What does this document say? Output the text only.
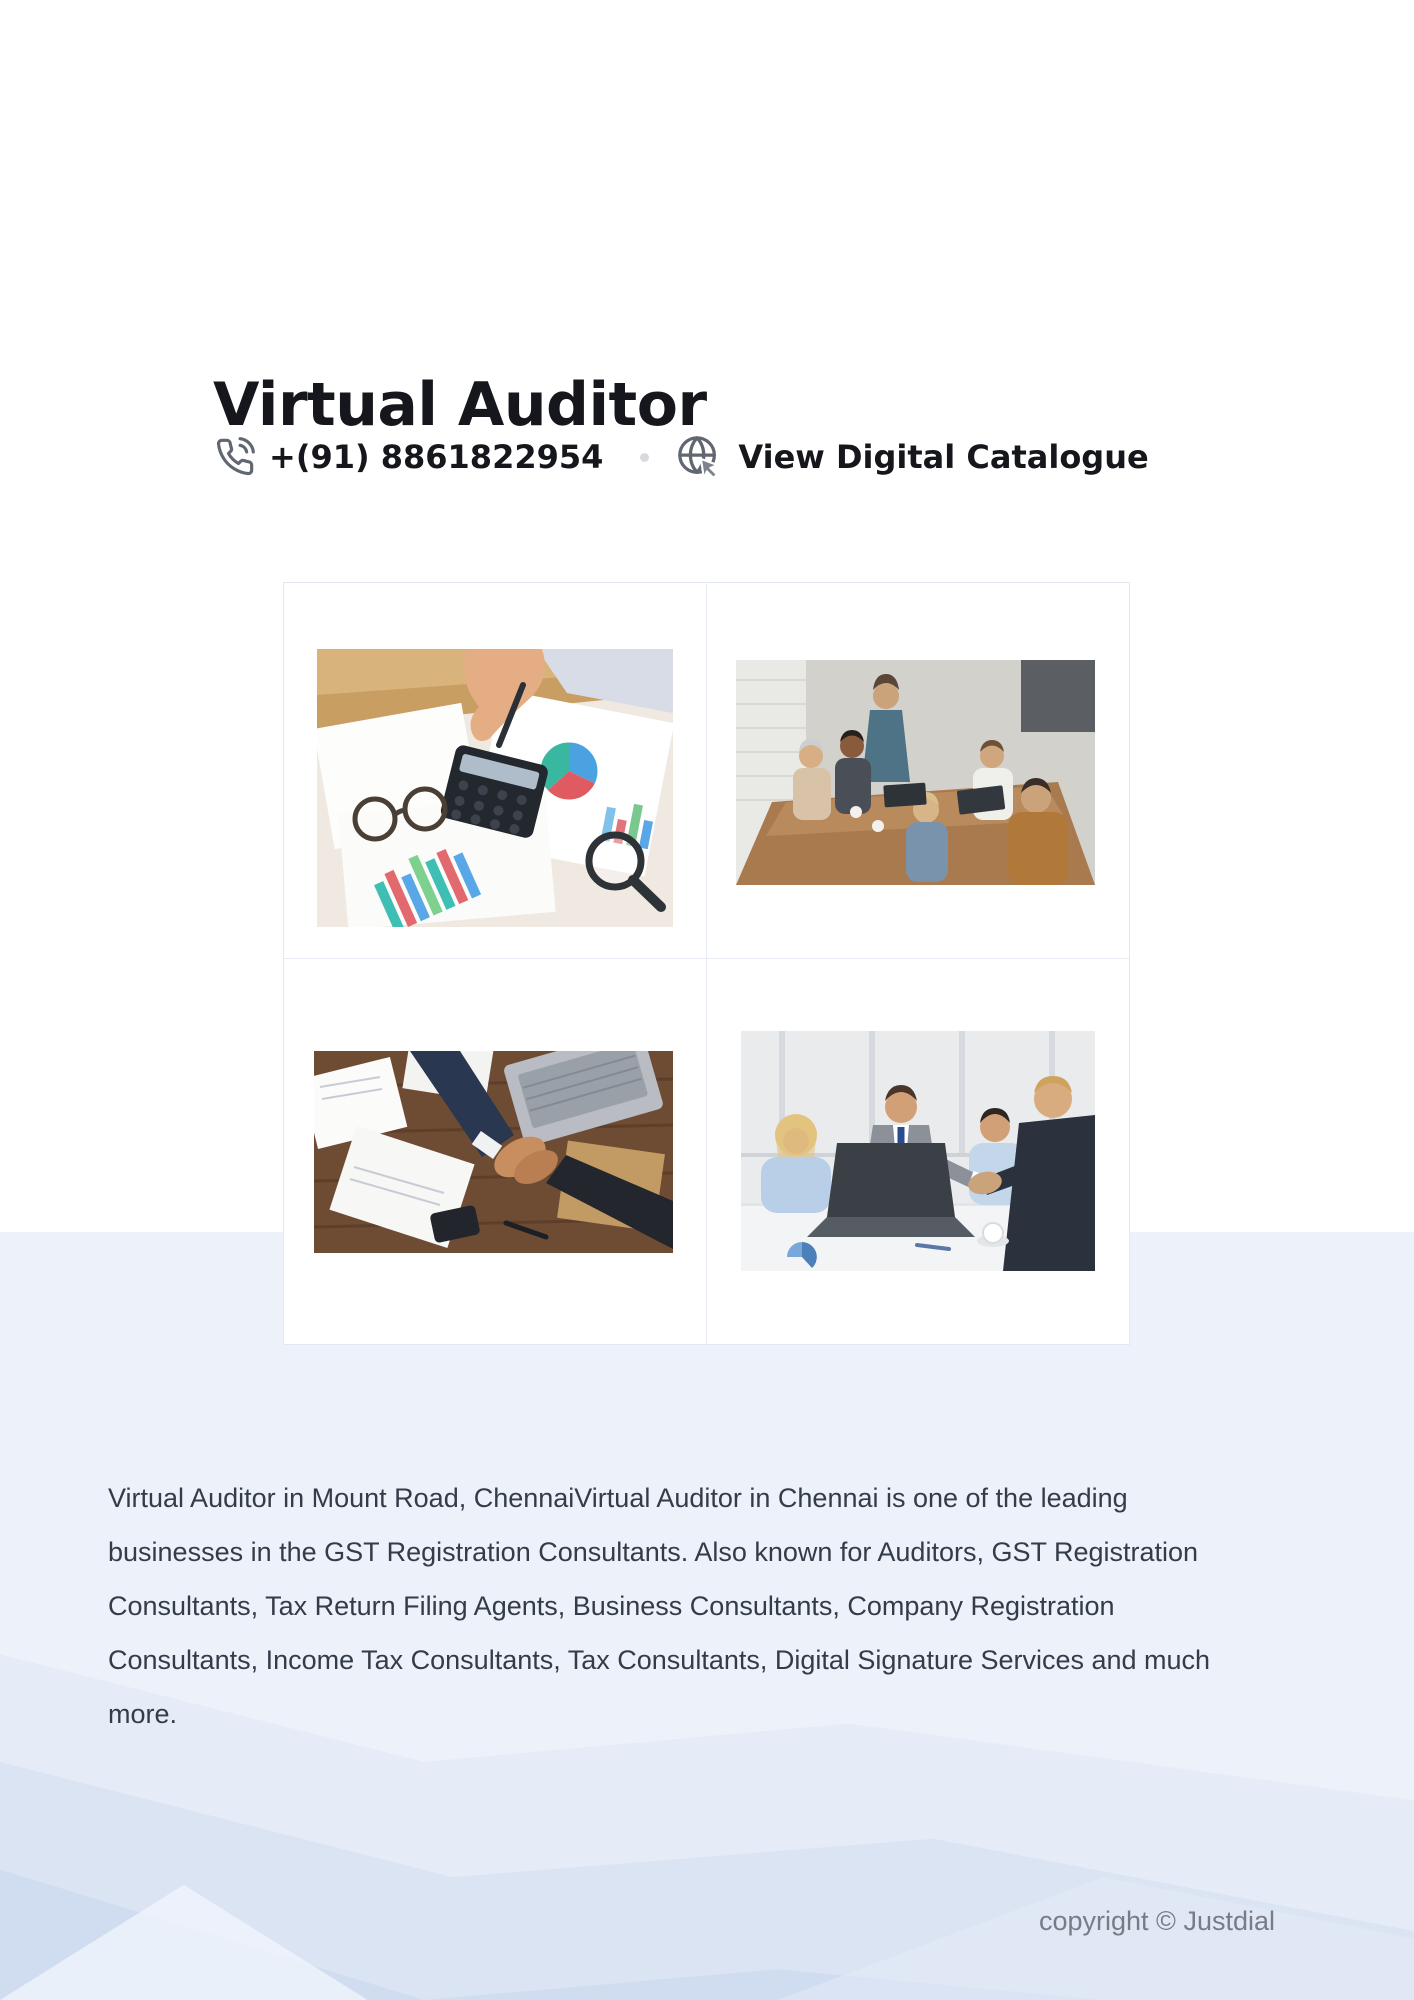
Virtual Auditor
+(91) 8861822954	View Digital Catalogue

Virtual Auditor in Mount Road, ChennaiVirtual Auditor in Chennai is one of the leading businesses in the GST Registration Consultants. Also known for Auditors, GST Registration Consultants, Tax Return Filing Agents, Business Consultants, Company Registration Consultants, Income Tax Consultants, Tax Consultants, Digital Signature Services and much more.

copyright © Justdial
